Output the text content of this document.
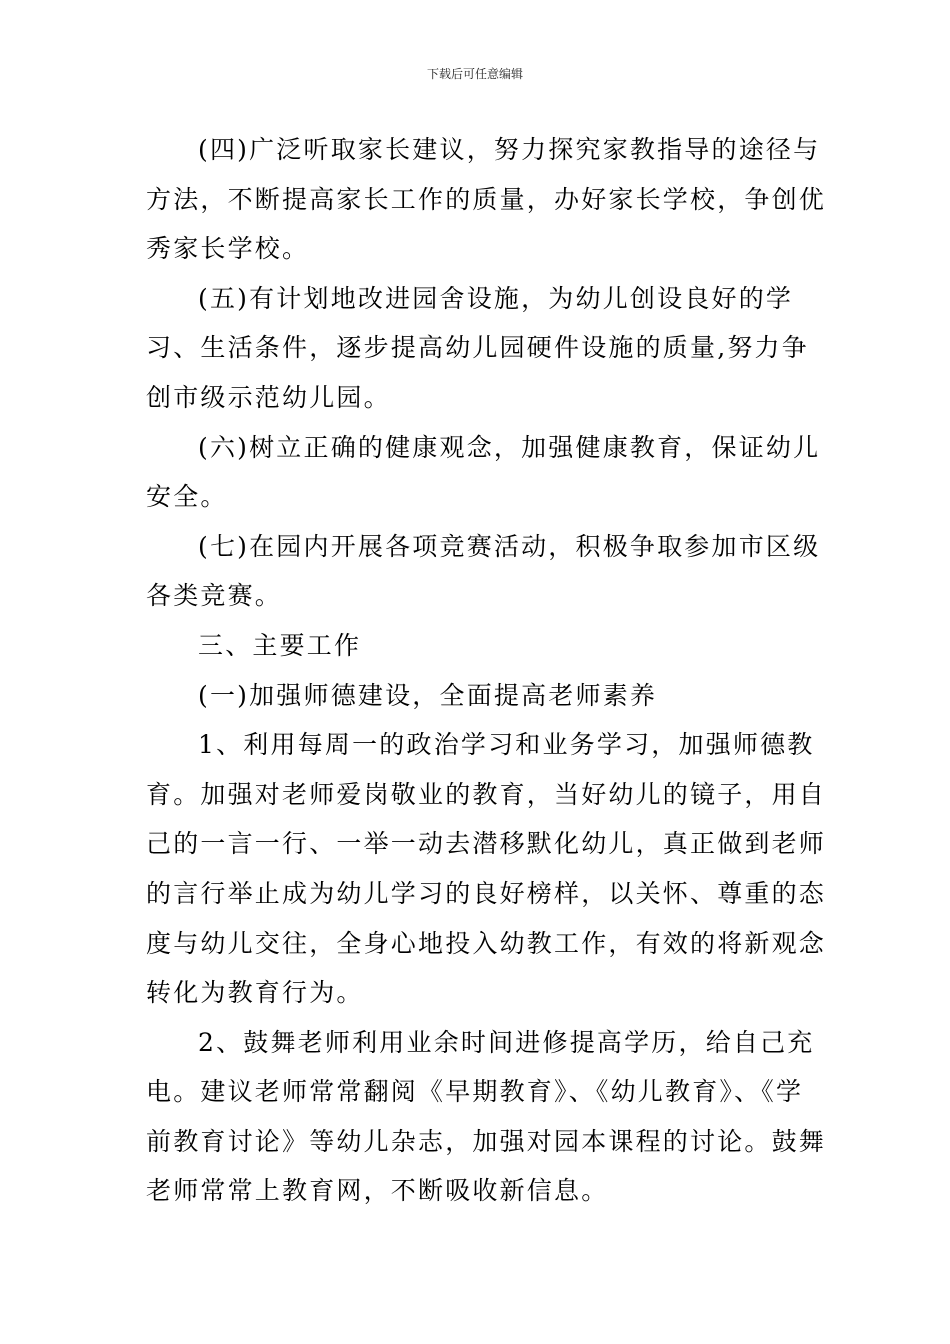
下载后可任意编辑

(四)广泛听取家长建议，努力探究家教指导的途径与方法，不断提高家长工作的质量，办好家长学校，争创优秀家长学校。

(五)有计划地改进园舍设施，为幼儿创设良好的学习、生活条件，逐步提高幼儿园硬件设施的质量,努力争创市级示范幼儿园。

(六)树立正确的健康观念，加强健康教育，保证幼儿安全。

(七)在园内开展各项竞赛活动，积极争取参加市区级各类竞赛。

三、主要工作

(一)加强师德建设，全面提高老师素养

1、利用每周一的政治学习和业务学习，加强师德教育。加强对老师爱岗敬业的教育，当好幼儿的镜子，用自己的一言一行、一举一动去潜移默化幼儿，真正做到老师的言行举止成为幼儿学习的良好榜样，以关怀、尊重的态度与幼儿交往，全身心地投入幼教工作，有效的将新观念转化为教育行为。

2、鼓舞老师利用业余时间进修提高学历，给自己充电。建议老师常常翻阅《早期教育》、《幼儿教育》、《学前教育讨论》等幼儿杂志，加强对园本课程的讨论。鼓舞老师常常上教育网，不断吸收新信息。
